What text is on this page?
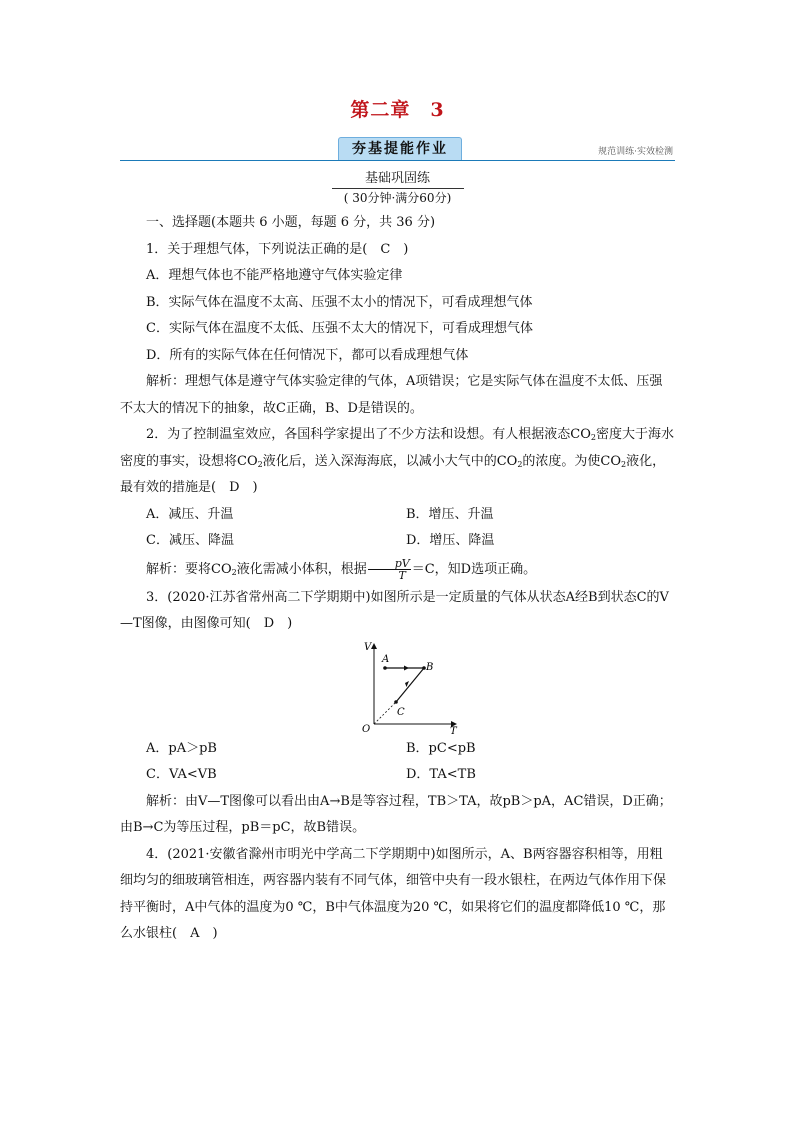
第二章　3
夯基提能作业	规范训练·实效检测
基础巩固练
( 30分钟·满分60分)

一、选择题(本题共 6 小题，每题 6 分，共 36 分)

1．关于理想气体，下列说法正确的是(　C　)

A．理想气体也不能严格地遵守气体实验定律

B．实际气体在温度不太高、压强不太小的情况下，可看成理想气体

C．实际气体在温度不太低、压强不太大的情况下，可看成理想气体

D．所有的实际气体在任何情况下，都可以看成理想气体

解析：理想气体是遵守气体实验定律的气体，A项错误；它是实际气体在温度不太低、压强不太大的情况下的抽象，故C正确，B、D是错误的。

2．为了控制温室效应，各国科学家提出了不少方法和设想。有人根据液态$CO_2$密度大于海水密度的事实，设想将$CO_2$液化后，送入深海海底，以减小大气中的$CO_2$的浓度。为使$CO_2$液化，最有效的措施是(　D　)

A．减压、升温	B．增压、升温
C．减压、降温	D．增压、降温

解析：要将$CO_2$液化需减小体积，根据 $\frac{pV}{T} =C$，知D选项正确。

3．(2020·江苏省常州高二下学期期中)如图所示是一定质量的气体从状态A经B到状态C的V—T图像，由图像可知(　D　)

V
T
O
A
B
C
A．pA＞pB	B．pC<pB
C．VA<VB	D．TA<TB

解析：由V—T图像可以看出由A→B是等容过程，TB＞TA，故pB＞pA，AC错误，D正确；由B→C为等压过程，pB＝pC，故B错误。

4．(2021·安徽省滁州市明光中学高二下学期期中)如图所示，A、B两容器容积相等，用粗细均匀的细玻璃管相连，两容器内装有不同气体，细管中央有一段水银柱，在两边气体作用下保持平衡时，A中气体的温度为0 ℃，B中气体温度为20 ℃，如果将它们的温度都降低10 ℃，那么水银柱(　A　)
